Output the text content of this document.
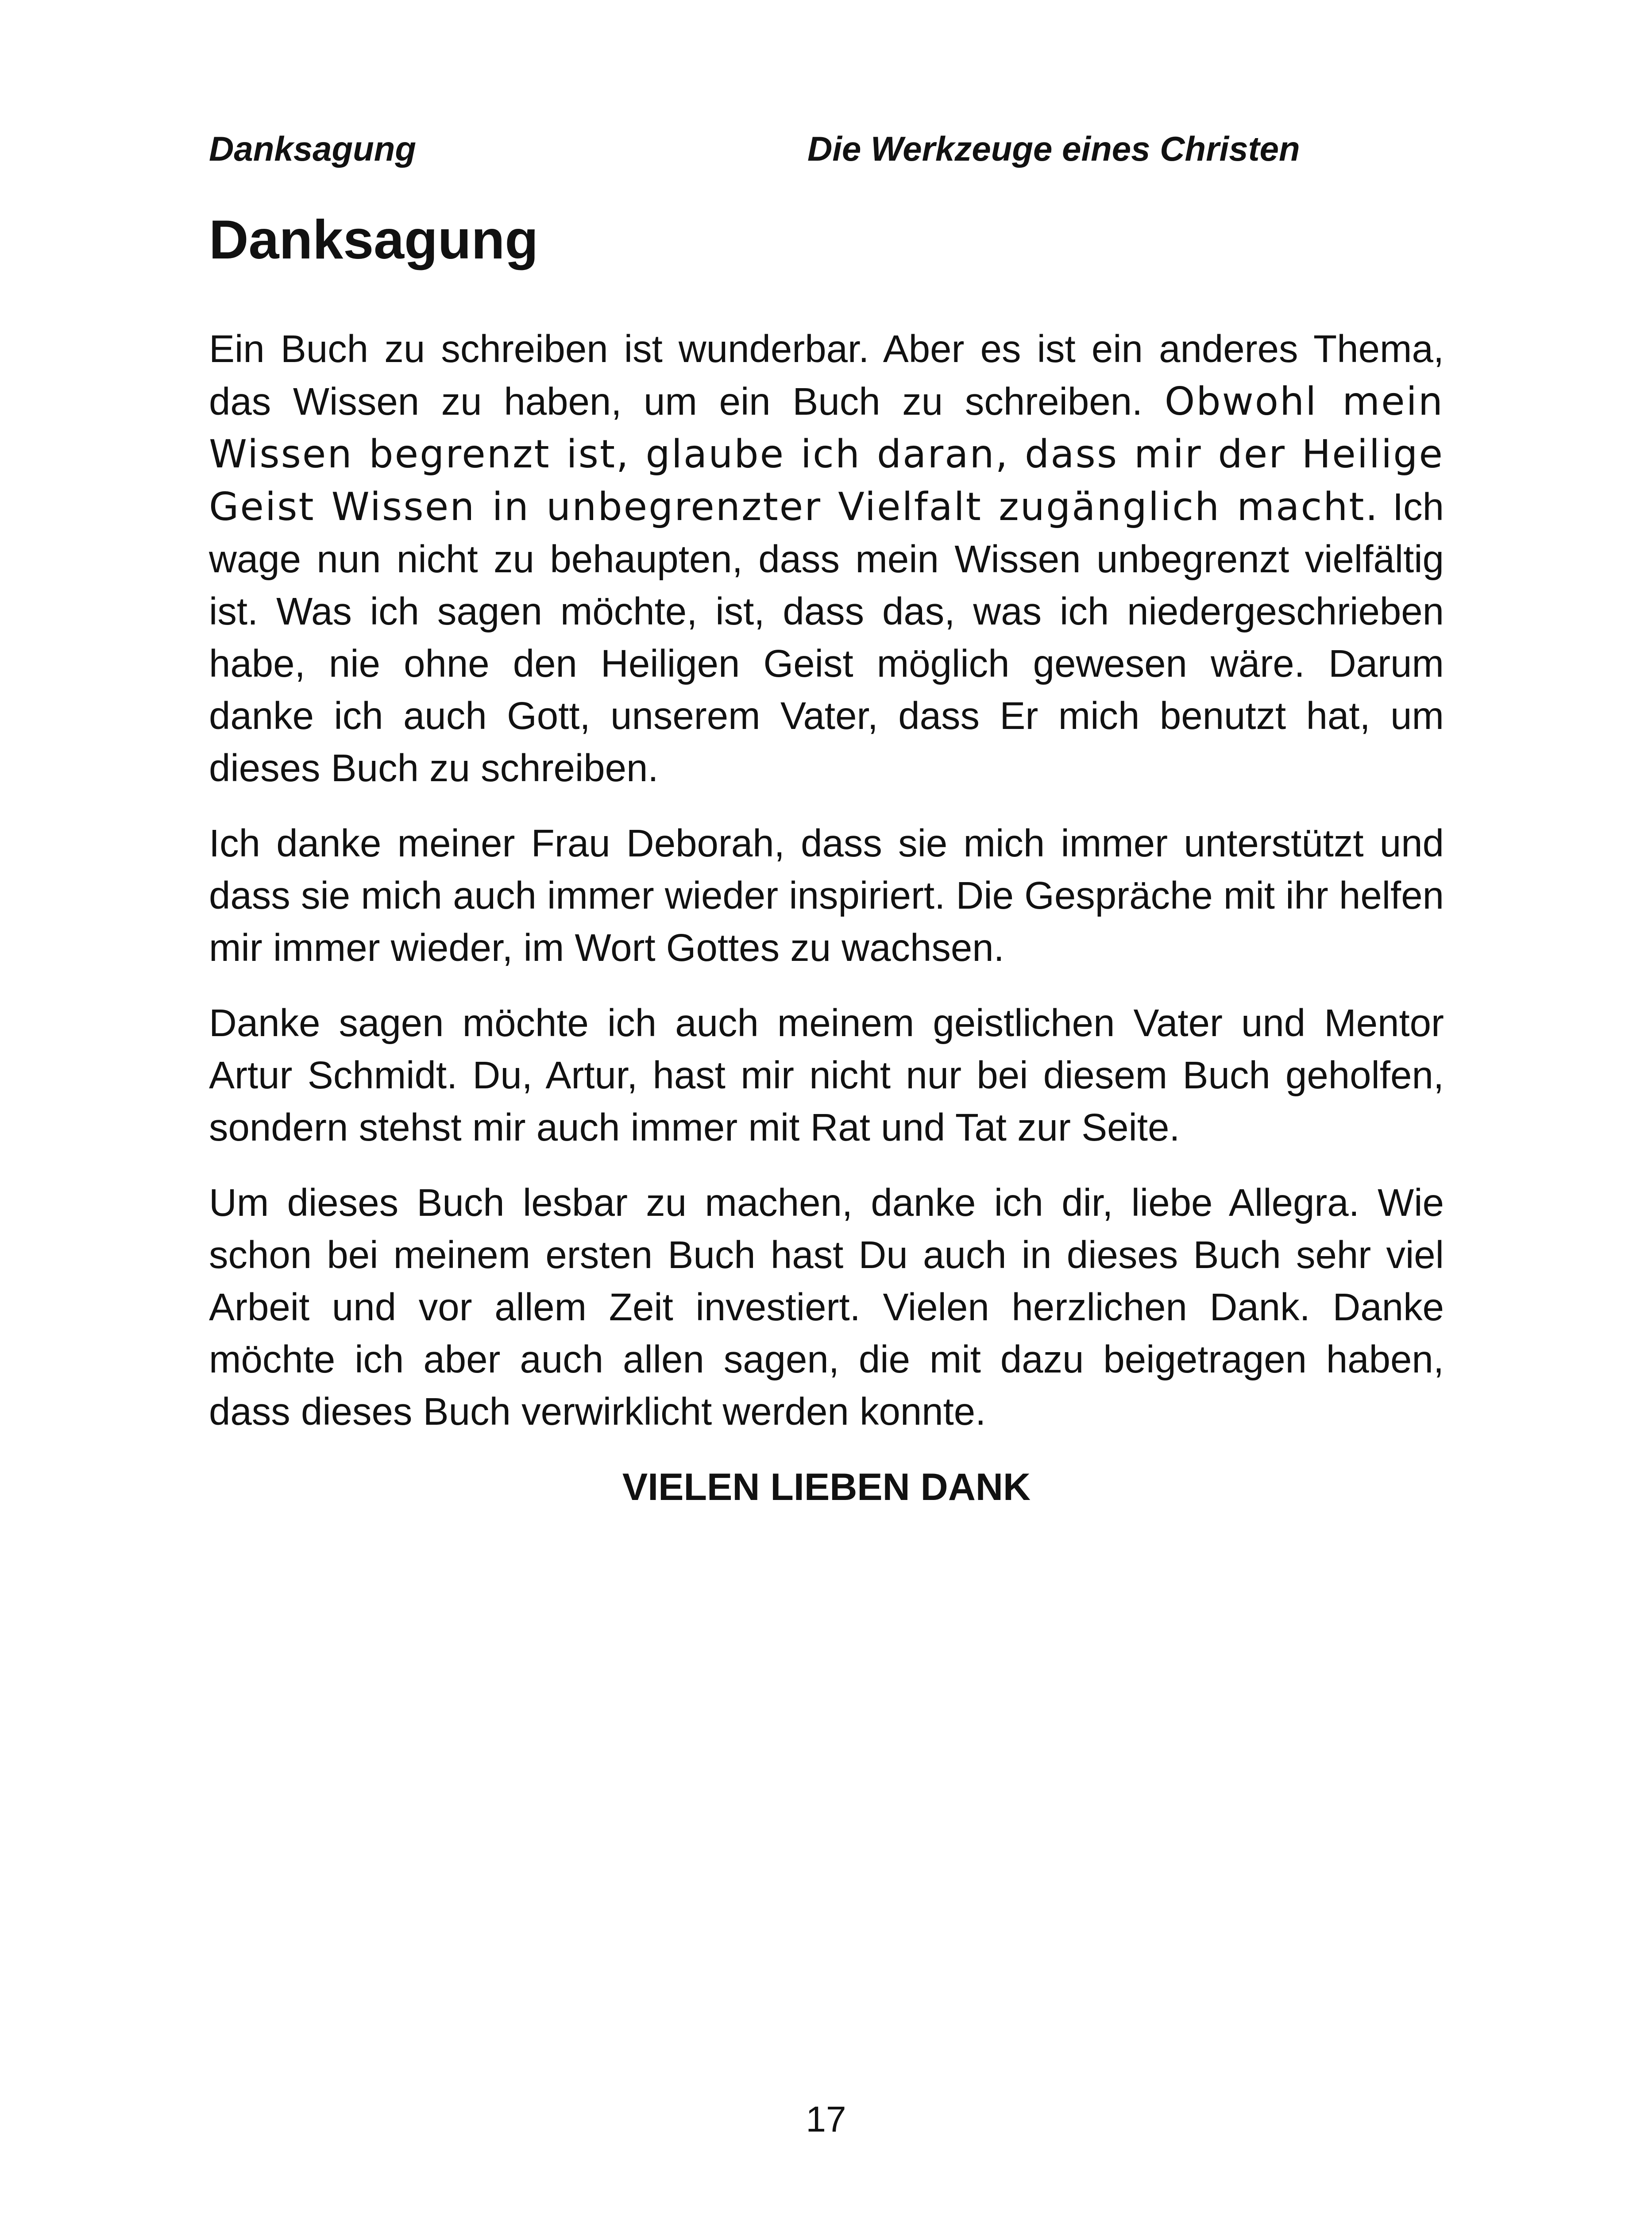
Danksagung	Die Werkzeuge eines Christen
Danksagung

Ein Buch zu schreiben ist wunderbar. Aber es ist ein anderes Thema, das Wissen zu haben, um ein Buch zu schreiben. Obwohl mein Wissen begrenzt ist, glaube ich daran, dass mir der Heilige Geist Wissen in unbegrenzter Vielfalt zugänglich macht. Ich wage nun nicht zu behaupten, dass mein Wissen unbegrenzt vielfältig ist. Was ich sagen möchte, ist, dass das, was ich niedergeschrieben habe, nie ohne den Heiligen Geist möglich gewesen wäre. Darum danke ich auch Gott, unserem Vater, dass Er mich benutzt hat, um dieses Buch zu schreiben.

Ich danke meiner Frau Deborah, dass sie mich immer unterstützt und dass sie mich auch immer wieder inspiriert. Die Gespräche mit ihr helfen mir immer wieder, im Wort Gottes zu wachsen.

Danke sagen möchte ich auch meinem geistlichen Vater und Mentor Artur Schmidt. Du, Artur, hast mir nicht nur bei diesem Buch geholfen, sondern stehst mir auch immer mit Rat und Tat zur Seite.

Um dieses Buch lesbar zu machen, danke ich dir, liebe Allegra. Wie schon bei meinem ersten Buch hast Du auch in dieses Buch sehr viel Arbeit und vor allem Zeit investiert. Vielen herzlichen Dank. Danke möchte ich aber auch allen sagen, die mit dazu beigetragen haben, dass dieses Buch verwirklicht werden konnte.

VIELEN LIEBEN DANK
17
